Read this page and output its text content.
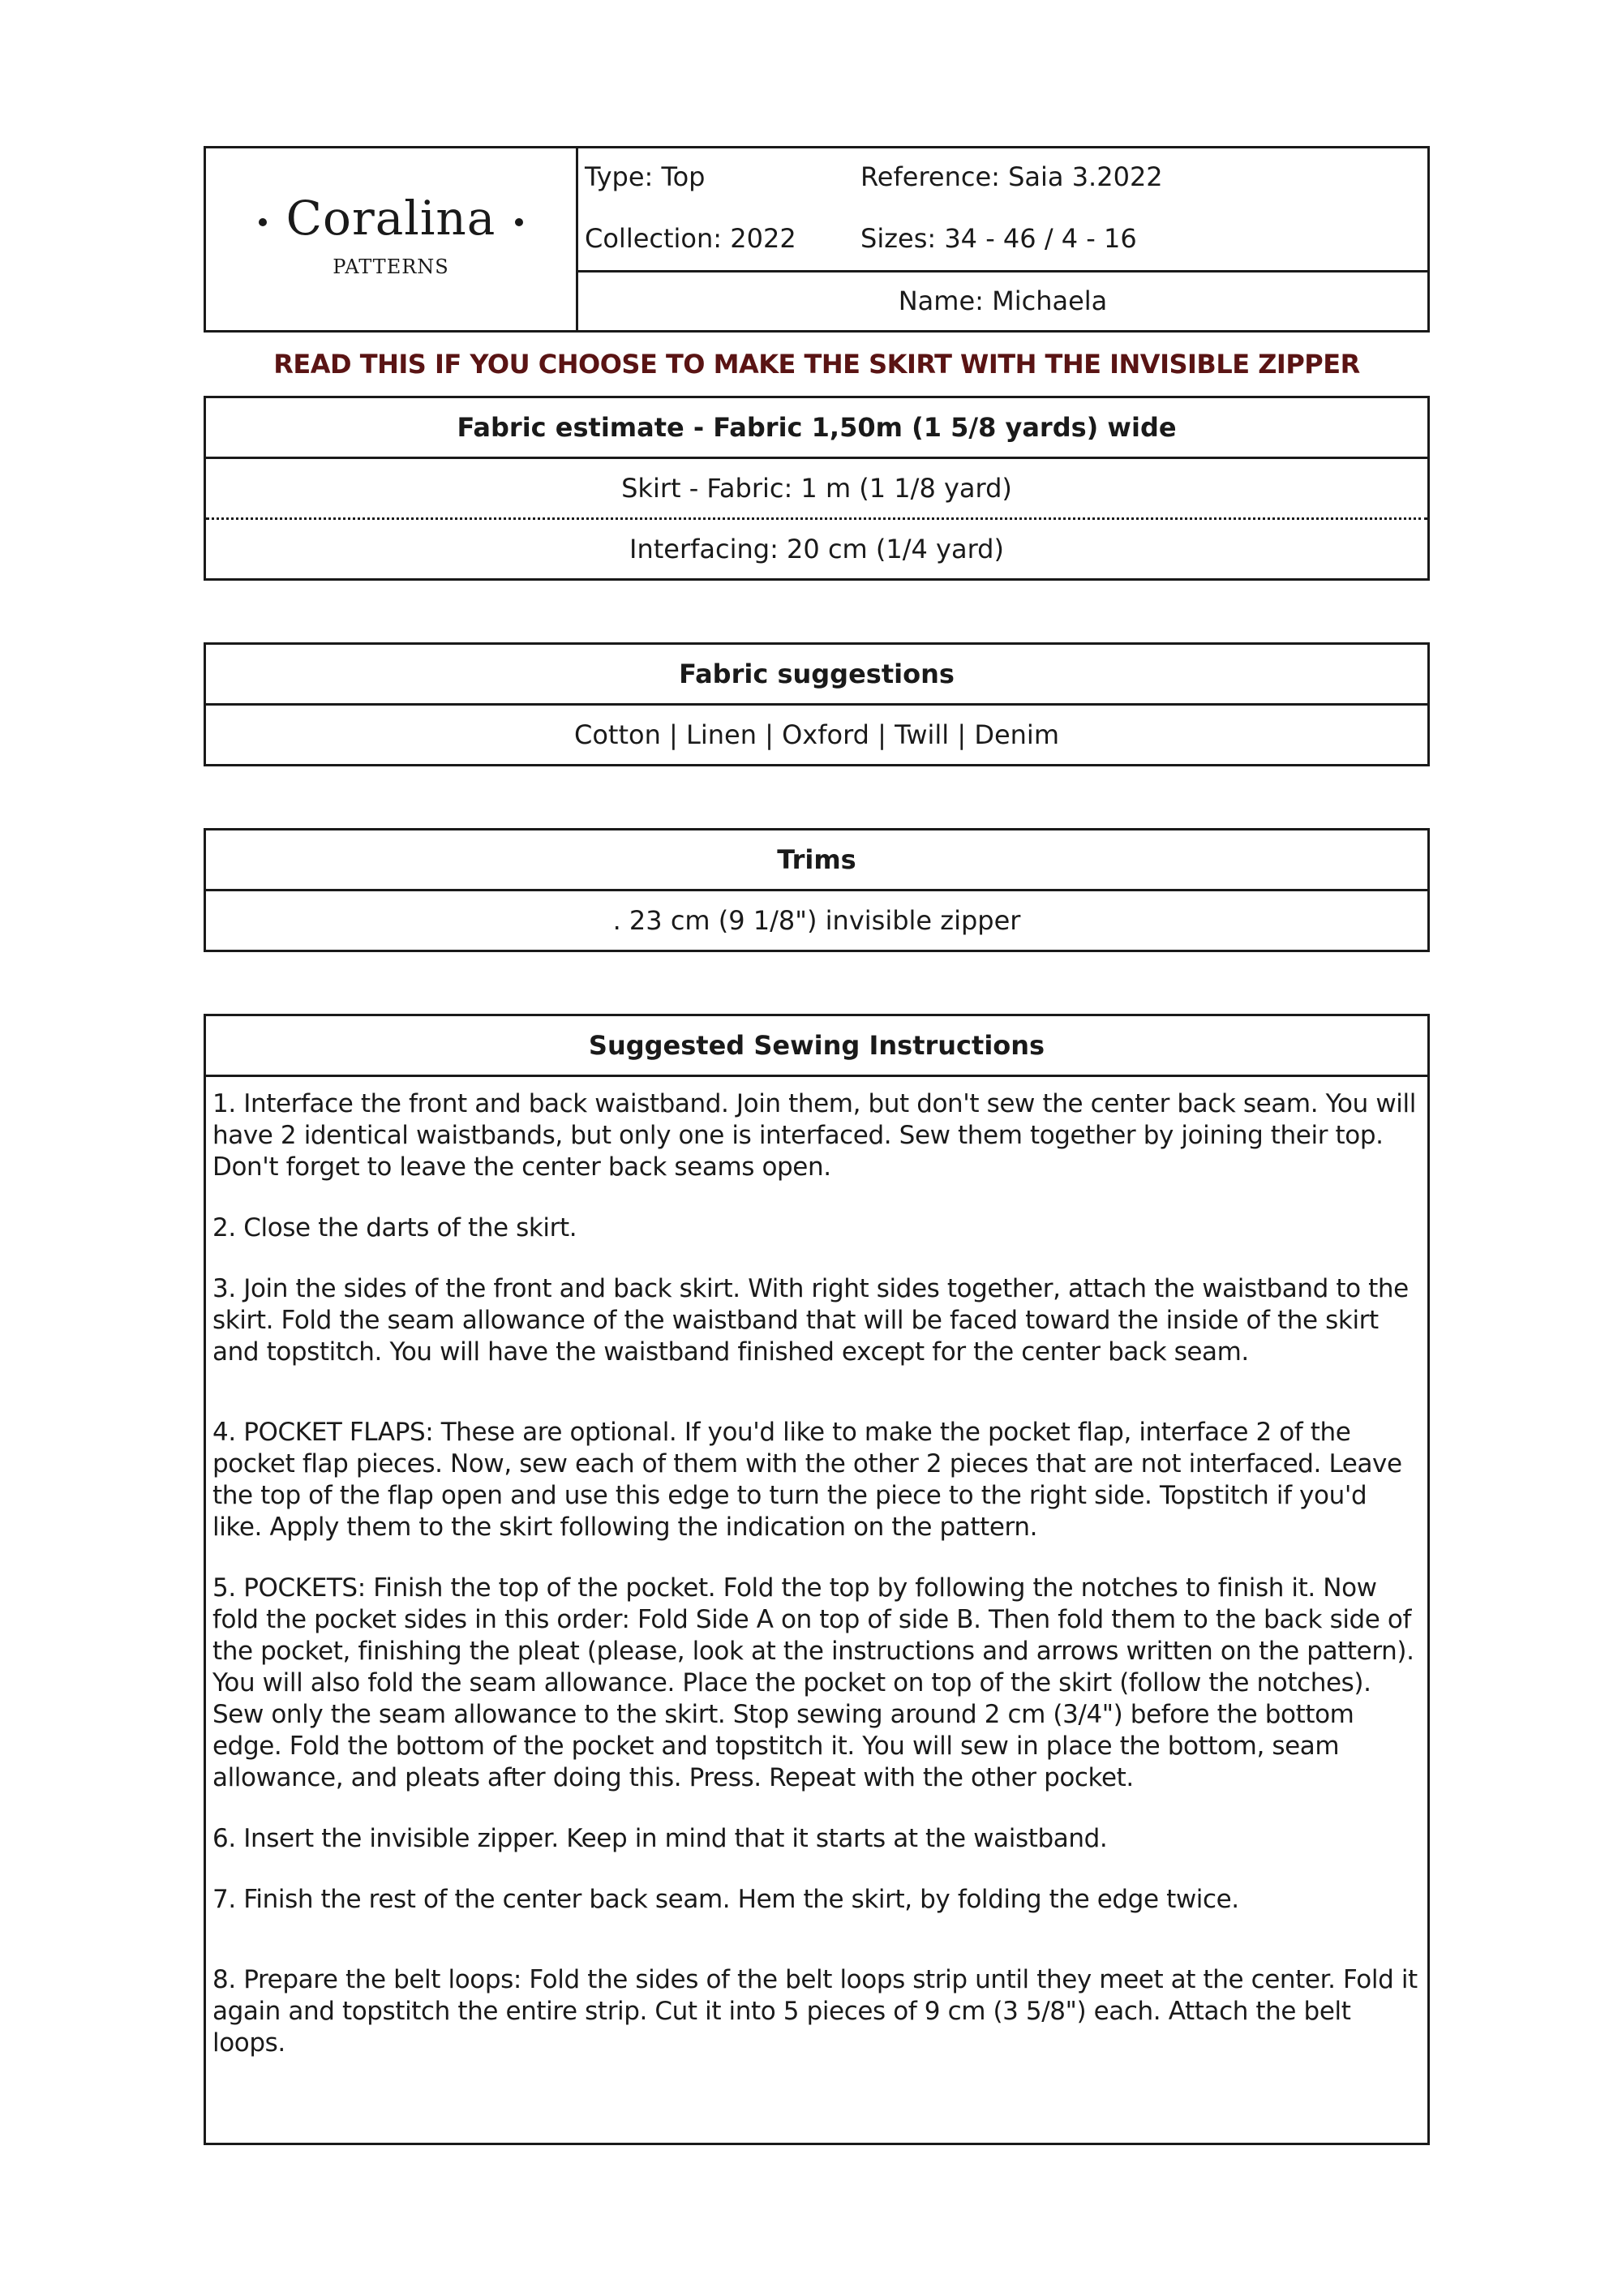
Coralina
PATTERNS
Type: Top	Reference: Saia 3.2022
Collection: 2022 Sizes: 34 - 46 / 4 - 16
Name: Michaela
READ THIS IF YOU CHOOSE TO MAKE THE SKIRT WITH THE INVISIBLE ZIPPER
Fabric estimate - Fabric 1,50m (1 5/8 yards) wide
Skirt - Fabric: 1 m (1 1/8 yard)
Interfacing: 20 cm (1/4 yard)
Fabric suggestions
Cotton | Linen | Oxford | Twill | Denim
Trims
. 23 cm (9 1/8") invisible zipper
Suggested Sewing Instructions

1. Interface the front and back waistband. Join them, but don't sew the center back seam. You will have 2 identical waistbands, but only one is interfaced. Sew them together by joining their top. Don't forget to leave the center back seams open.

2. Close the darts of the skirt.

3. Join the sides of the front and back skirt. With right sides together, attach the waistband to the skirt. Fold the seam allowance of the waistband that will be faced toward the inside of the skirt and topstitch. You will have the waistband finished except for the center back seam.

4. POCKET FLAPS: These are optional. If you'd like to make the pocket flap, interface 2 of the pocket flap pieces. Now, sew each of them with the other 2 pieces that are not interfaced. Leave the top of the flap open and use this edge to turn the piece to the right side. Topstitch if you'd like. Apply them to the skirt following the indication on the pattern.

5. POCKETS: Finish the top of the pocket. Fold the top by following the notches to finish it. Now fold the pocket sides in this order: Fold Side A on top of side B. Then fold them to the back side of the pocket, finishing the pleat (please, look at the instructions and arrows written on the pattern). You will also fold the seam allowance. Place the pocket on top of the skirt (follow the notches). Sew only the seam allowance to the skirt. Stop sewing around 2 cm (3/4") before the bottom edge. Fold the bottom of the pocket and topstitch it. You will sew in place the bottom, seam allowance, and pleats after doing this. Press. Repeat with the other pocket.

6. Insert the invisible zipper. Keep in mind that it starts at the waistband.

7. Finish the rest of the center back seam. Hem the skirt, by folding the edge twice.

8. Prepare the belt loops: Fold the sides of the belt loops strip until they meet at the center. Fold it again and topstitch the entire strip. Cut it into 5 pieces of 9 cm (3 5/8") each. Attach the belt loops.
